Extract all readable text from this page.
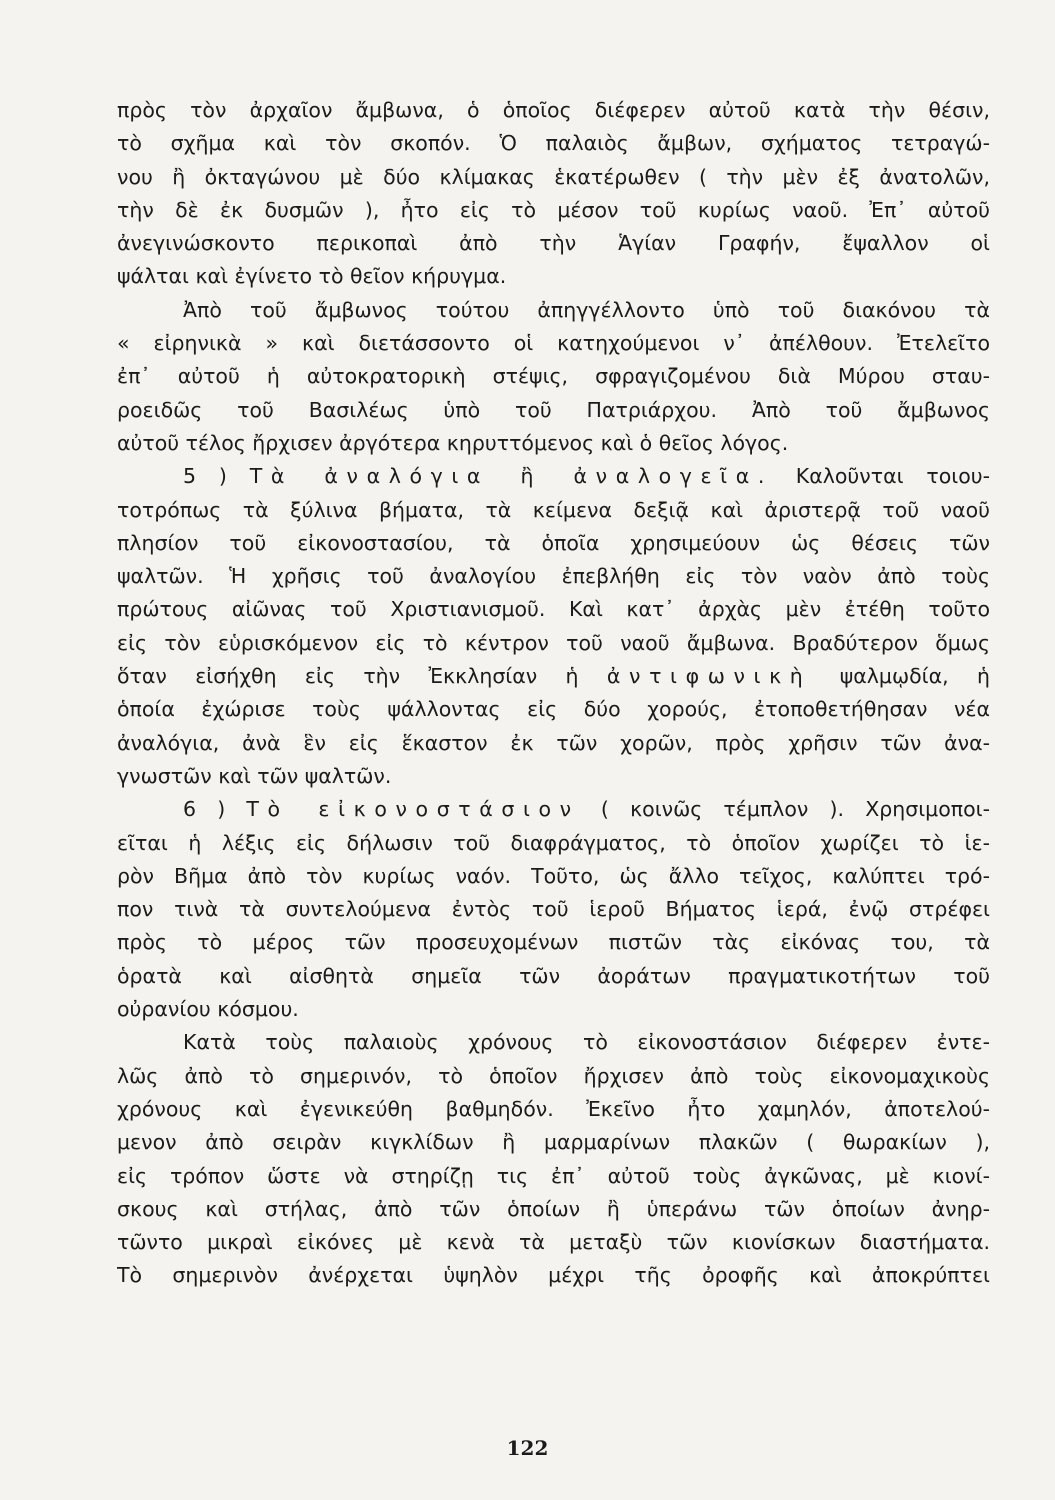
πρὸς τὸν ἀρχαῖον ἄμβωνα, ὁ ὁποῖος διέφερεν αὐτοῦ κατὰ τὴν θέσιν,
τὸ σχῆμα καὶ τὸν σκοπόν. Ὁ παλαιὸς ἄμβων, σχήματος τετραγώ-
νου ἢ ὀκταγώνου μὲ δύο κλίμακας ἑκατέρωθεν ( τὴν μὲν ἐξ ἀνατολῶν,
τὴν δὲ ἐκ δυσμῶν ), ἦτο εἰς τὸ μέσον τοῦ κυρίως ναοῦ. Ἐπ᾽ αὐτοῦ
ἀνεγινώσκοντο περικοπαὶ ἀπὸ τὴν Ἁγίαν Γραφήν, ἔψαλλον οἱ
ψάλται καὶ ἐγίνετο τὸ θεῖον κήρυγμα.
Ἀπὸ τοῦ ἄμβωνος τούτου ἀπηγγέλλοντο ὑπὸ τοῦ διακόνου τὰ
« εἰρηνικὰ » καὶ διετάσσοντο οἱ κατηχούμενοι ν᾽ ἀπέλθουν. Ἐτελεῖτο
ἐπ᾽ αὐτοῦ ἡ αὐτοκρατορικὴ στέψις, σφραγιζομένου διὰ Μύρου σταυ-
ροειδῶς τοῦ Βασιλέως ὑπὸ τοῦ Πατριάρχου. Ἀπὸ τοῦ ἄμβωνος
αὐτοῦ τέλος ἤρχισεν ἀργότερα κηρυττόμενος καὶ ὁ θεῖος λόγος.
5 ) Τὰ ἀναλόγια ἢ ἀναλογεῖα. Καλοῦνται τοιου-
τοτρόπως τὰ ξύλινα βήματα, τὰ κείμενα δεξιᾷ καὶ ἀριστερᾷ τοῦ ναοῦ
πλησίον τοῦ εἰκονοστασίου, τὰ ὁποῖα χρησιμεύουν ὡς θέσεις τῶν
ψαλτῶν. Ἡ χρῆσις τοῦ ἀναλογίου ἐπεβλήθη εἰς τὸν ναὸν ἀπὸ τοὺς
πρώτους αἰῶνας τοῦ Χριστιανισμοῦ. Καὶ κατ᾽ ἀρχὰς μὲν ἐτέθη τοῦτο
εἰς τὸν εὑρισκόμενον εἰς τὸ κέντρον τοῦ ναοῦ ἄμβωνα. Βραδύτερον ὅμως
ὅταν εἰσήχθη εἰς τὴν Ἐκκλησίαν ἡ ἀντιφωνικὴ ψαλμῳδία, ἡ
ὁποία ἐχώρισε τοὺς ψάλλοντας εἰς δύο χορούς, ἐτοποθετήθησαν νέα
ἀναλόγια, ἀνὰ ἓν εἰς ἕκαστον ἐκ τῶν χορῶν, πρὸς χρῆσιν τῶν ἀνα-
γνωστῶν καὶ τῶν ψαλτῶν.
6 ) Τὸ εἰκονοστάσιον ( κοινῶς τέμπλον ). Χρησιμοποι-
εῖται ἡ λέξις εἰς δήλωσιν τοῦ διαφράγματος, τὸ ὁποῖον χωρίζει τὸ ἱε-
ρὸν Βῆμα ἀπὸ τὸν κυρίως ναόν. Τοῦτο, ὡς ἄλλο τεῖχος, καλύπτει τρό-
πον τινὰ τὰ συντελούμενα ἐντὸς τοῦ ἱεροῦ Βήματος ἱερά, ἐνῷ στρέφει
πρὸς τὸ μέρος τῶν προσευχομένων πιστῶν τὰς εἰκόνας του, τὰ
ὁρατὰ καὶ αἰσθητὰ σημεῖα τῶν ἀοράτων πραγματικοτήτων τοῦ
οὐρανίου κόσμου.
Κατὰ τοὺς παλαιοὺς χρόνους τὸ εἰκονοστάσιον διέφερεν ἐντε-
λῶς ἀπὸ τὸ σημερινόν, τὸ ὁποῖον ἤρχισεν ἀπὸ τοὺς εἰκονομαχικοὺς
χρόνους καὶ ἐγενικεύθη βαθμηδόν. Ἐκεῖνο ἦτο χαμηλόν, ἀποτελού-
μενον ἀπὸ σειρὰν κιγκλίδων ἢ μαρμαρίνων πλακῶν ( θωρακίων ),
εἰς τρόπον ὥστε νὰ στηρίζῃ τις ἐπ᾽ αὐτοῦ τοὺς ἀγκῶνας, μὲ κιονί-
σκους καὶ στήλας, ἀπὸ τῶν ὁποίων ἢ ὑπεράνω τῶν ὁποίων ἀνηρ-
τῶντο μικραὶ εἰκόνες μὲ κενὰ τὰ μεταξὺ τῶν κιονίσκων διαστήματα.
Τὸ σημερινὸν ἀνέρχεται ὑψηλὸν μέχρι τῆς ὀροφῆς καὶ ἀποκρύπτει
122
